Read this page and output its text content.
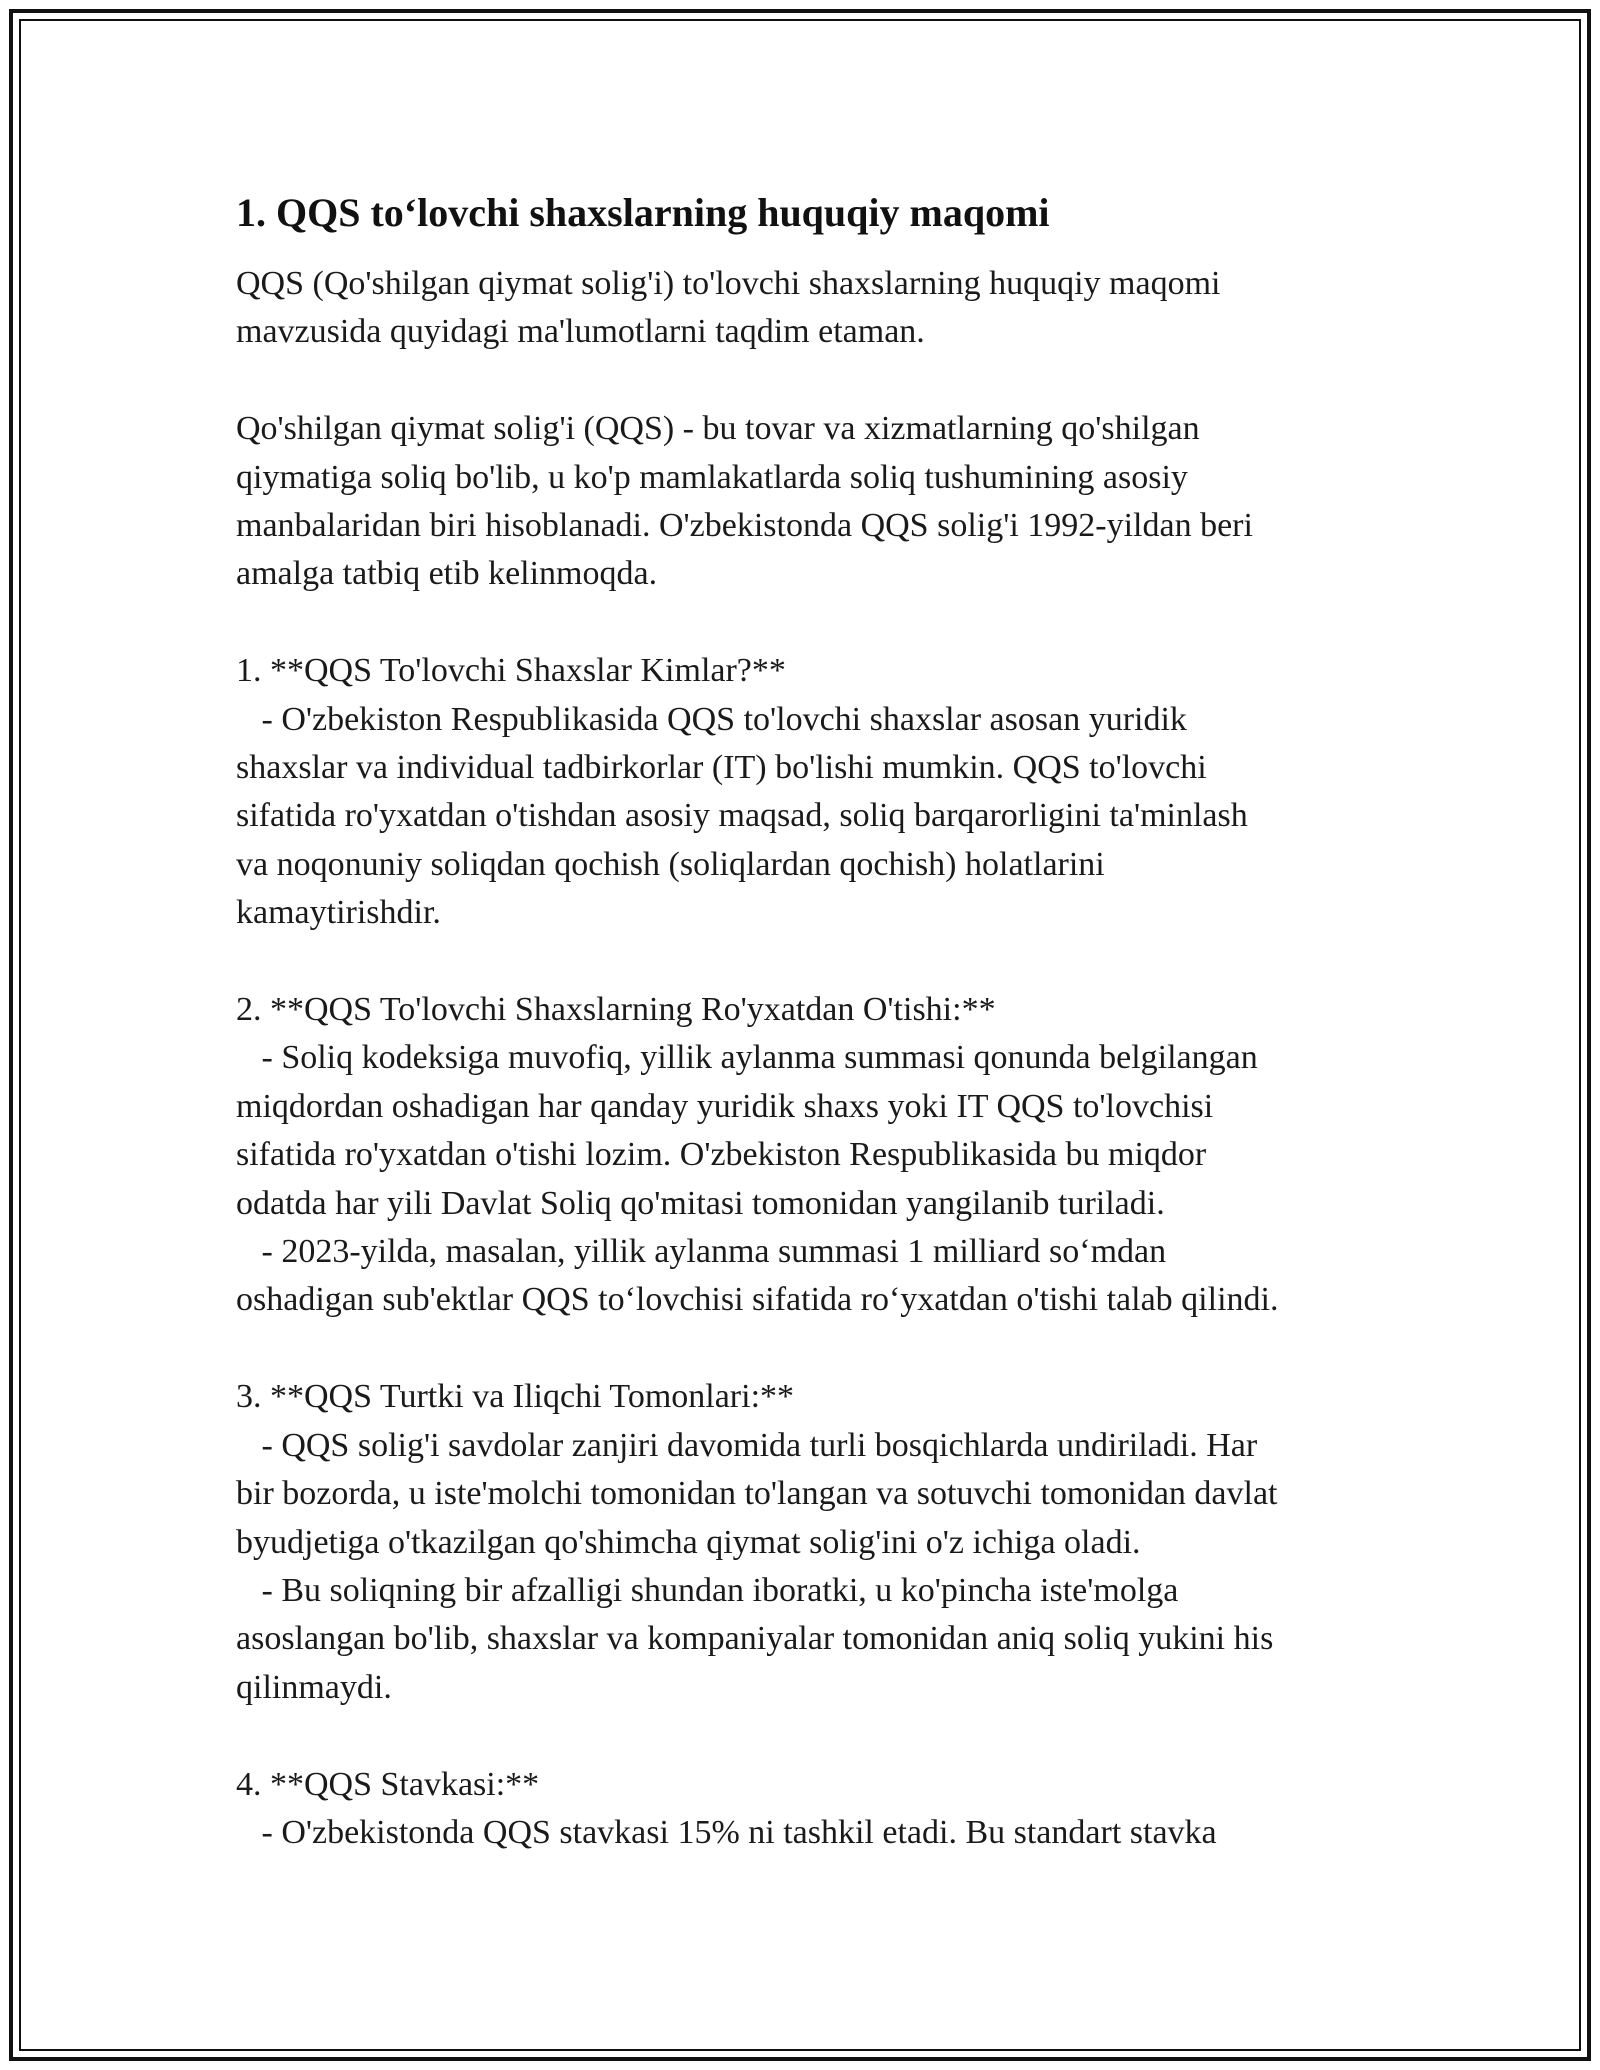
1. QQS to‘lovchi shaxslarning huquqiy maqomi

QQS (Qo'shilgan qiymat solig'i) to'lovchi shaxslarning huquqiy maqomi
mavzusida quyidagi ma'lumotlarni taqdim etaman.

Qo'shilgan qiymat solig'i (QQS) - bu tovar va xizmatlarning qo'shilgan
qiymatiga soliq bo'lib, u ko'p mamlakatlarda soliq tushumining asosiy
manbalaridan biri hisoblanadi. O'zbekistonda QQS solig'i 1992-yildan beri
amalga tatbiq etib kelinmoqda.

1. **QQS To'lovchi Shaxslar Kimlar?**
- O'zbekiston Respublikasida QQS to'lovchi shaxslar asosan yuridik
shaxslar va individual tadbirkorlar (IT) bo'lishi mumkin. QQS to'lovchi
sifatida ro'yxatdan o'tishdan asosiy maqsad, soliq barqarorligini ta'minlash
va noqonuniy soliqdan qochish (soliqlardan qochish) holatlarini
kamaytirishdir.

2. **QQS To'lovchi Shaxslarning Ro'yxatdan O'tishi:**
- Soliq kodeksiga muvofiq, yillik aylanma summasi qonunda belgilangan
miqdordan oshadigan har qanday yuridik shaxs yoki IT QQS to'lovchisi
sifatida ro'yxatdan o'tishi lozim. O'zbekiston Respublikasida bu miqdor
odatda har yili Davlat Soliq qo'mitasi tomonidan yangilanib turiladi.
- 2023-yilda, masalan, yillik aylanma summasi 1 milliard so‘mdan
oshadigan sub'ektlar QQS to‘lovchisi sifatida ro‘yxatdan o'tishi talab qilindi.

3. **QQS Turtki va Iliqchi Tomonlari:**
- QQS solig'i savdolar zanjiri davomida turli bosqichlarda undiriladi. Har
bir bozorda, u iste'molchi tomonidan to'langan va sotuvchi tomonidan davlat
byudjetiga o'tkazilgan qo'shimcha qiymat solig'ini o'z ichiga oladi.
- Bu soliqning bir afzalligi shundan iboratki, u ko'pincha iste'molga
asoslangan bo'lib, shaxslar va kompaniyalar tomonidan aniq soliq yukini his
qilinmaydi.

4. **QQS Stavkasi:**
- O'zbekistonda QQS stavkasi 15% ni tashkil etadi. Bu standart stavka
